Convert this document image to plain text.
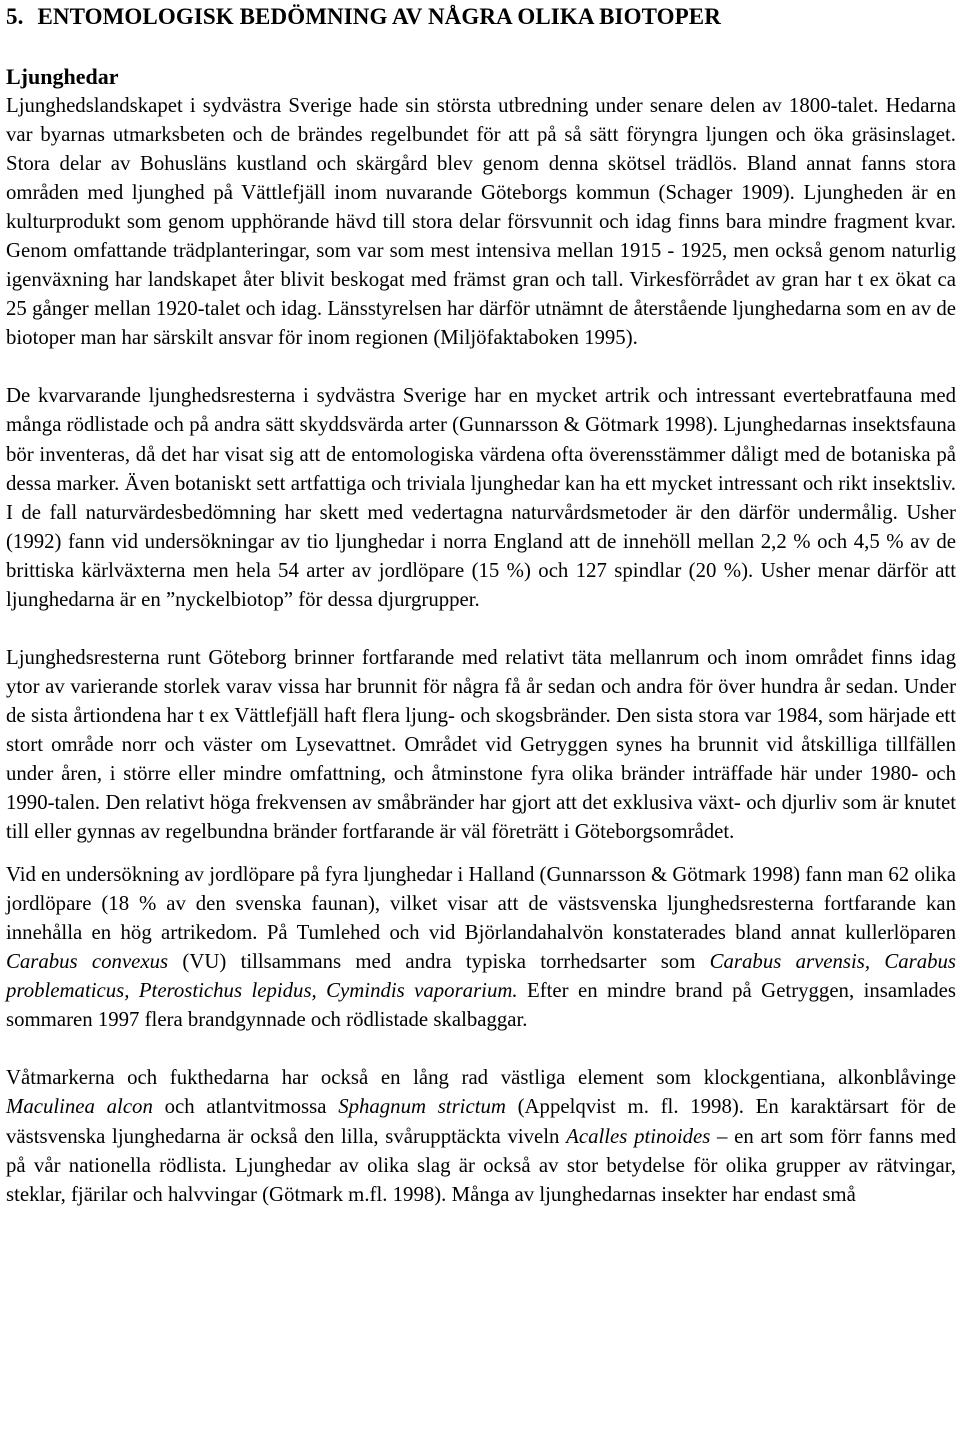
5. ENTOMOLOGISK BEDÖMNING AV NÅGRA OLIKA BIOTOPER
Ljunghedar

Ljunghedslandskapet i sydvästra Sverige hade sin största utbredning under senare delen av 1800-talet. Hedarna var byarnas utmarksbeten och de brändes regelbundet för att på så sätt föryngra ljungen och öka gräsinslaget. Stora delar av Bohusläns kustland och skärgård blev genom denna skötsel trädlös. Bland annat fanns stora områden med ljunghed på Vättlefjäll inom nuvarande Göteborgs kommun (Schager 1909). Ljungheden är en kulturprodukt som genom upphörande hävd till stora delar försvunnit och idag finns bara mindre fragment kvar. Genom omfattande trädplanteringar, som var som mest intensiva mellan 1915 - 1925, men också genom naturlig igenväxning har landskapet åter blivit beskogat med främst gran och tall. Virkesförrådet av gran har t ex ökat ca 25 gånger mellan 1920-talet och idag. Länsstyrelsen har därför utnämnt de återstående ljunghedarna som en av de biotoper man har särskilt ansvar för inom regionen (Miljöfaktaboken 1995).

De kvarvarande ljunghedsresterna i sydvästra Sverige har en mycket artrik och intressant evertebratfauna med många rödlistade och på andra sätt skyddsvärda arter (Gunnarsson & Götmark 1998). Ljunghedarnas insektsfauna bör inventeras, då det har visat sig att de entomologiska värdena ofta överensstämmer dåligt med de botaniska på dessa marker. Även botaniskt sett artfattiga och triviala ljunghedar kan ha ett mycket intressant och rikt insektsliv. I de fall naturvärdesbedömning har skett med vedertagna naturvårdsmetoder är den därför undermålig. Usher (1992) fann vid undersökningar av tio ljunghedar i norra England att de innehöll mellan 2,2 % och 4,5 % av de brittiska kärlväxterna men hela 54 arter av jordlöpare (15 %) och 127 spindlar (20 %). Usher menar därför att ljunghedarna är en ”nyckelbiotop” för dessa djurgrupper.

Ljunghedsresterna runt Göteborg brinner fortfarande med relativt täta mellanrum och inom området finns idag ytor av varierande storlek varav vissa har brunnit för några få år sedan och andra för över hundra år sedan. Under de sista årtiondena har t ex Vättlefjäll haft flera ljung- och skogsbränder. Den sista stora var 1984, som härjade ett stort område norr och väster om Lysevattnet. Området vid Getryggen synes ha brunnit vid åtskilliga tillfällen under åren, i större eller mindre omfattning, och åtminstone fyra olika bränder inträffade här under 1980- och 1990-talen. Den relativt höga frekvensen av småbränder har gjort att det exklusiva växt- och djurliv som är knutet till eller gynnas av regelbundna bränder fortfarande är väl företrätt i Göteborgsområdet.

Vid en undersökning av jordlöpare på fyra ljunghedar i Halland (Gunnarsson & Götmark 1998) fann man 62 olika jordlöpare (18 % av den svenska faunan), vilket visar att de västsvenska ljunghedsresterna fortfarande kan innehålla en hög artrikedom. På Tumlehed och vid Björlandahalvön konstaterades bland annat kullerlöparen Carabus convexus (VU) tillsammans med andra typiska torrhedsarter som Carabus arvensis, Carabus problematicus, Pterostichus lepidus, Cymindis vaporarium. Efter en mindre brand på Getryggen, insamlades sommaren 1997 flera brandgynnade och rödlistade skalbaggar.

Våtmarkerna och fukthedarna har också en lång rad västliga element som klockgentiana, alkonblåvinge Maculinea alcon och atlantvitmossa Sphagnum strictum (Appelqvist m. fl. 1998). En karaktärsart för de västsvenska ljunghedarna är också den lilla, svårupptäckta viveln Acalles ptinoides – en art som förr fanns med på vår nationella rödlista. Ljunghedar av olika slag är också av stor betydelse för olika grupper av rätvingar, steklar, fjärilar och halvvingar (Götmark m.fl. 1998). Många av ljunghedarnas insekter har endast små
